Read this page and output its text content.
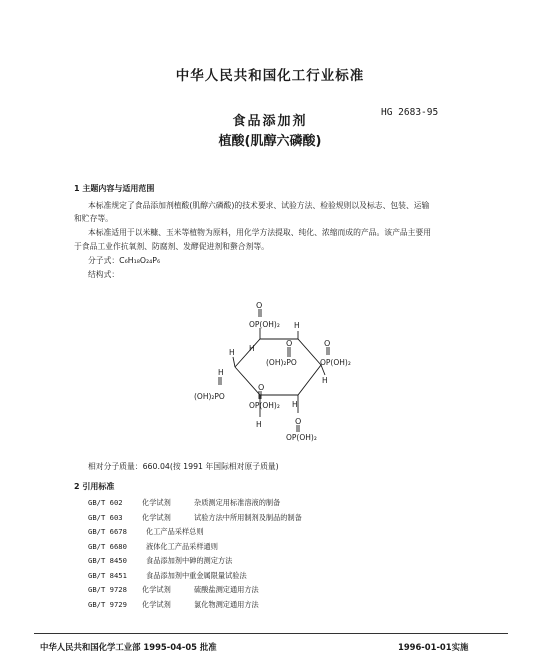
中华人民共和国化工行业标准
食品添加剂
植酸(肌醇六磷酸)
HG 2683-95
1 主题内容与适用范围
本标准规定了食品添加剂植酸(肌醇六磷酸)的技术要求、试验方法、检验规则以及标志、包装、运输
和贮存等。
本标准适用于以米糠、玉米等植物为原料，用化学方法提取、纯化、浓缩而成的产品。该产品主要用
于食品工业作抗氧剂、防腐剂、发酵促进剂和螯合剂等。
分子式：C₆H₁₈O₂₄P₆
结构式：
O
OP(OH)₂ H
H
O
(OH)₂PO
O
OP(OH)₂
H
H
(OH)₂PO
H
O
OP(OH)₂ H
H	O
OP(OH)₂
相对分子质量：660.04(按 1991 年国际相对原子质量)
2 引用标准
GB/T 602	化学试剂	杂质测定用标准溶液的制备
GB/T 603	化学试剂	试验方法中所用制剂及制品的制备
GB/T 6678	化工产品采样总则
GB/T 6680	液体化工产品采样通则
GB/T 8450	食品添加剂中砷的测定方法
GB/T 8451	食品添加剂中重金属限量试验法
GB/T 9728 化学试剂	硫酸盐测定通用方法
GB/T 9729 化学试剂	氯化物测定通用方法
中华人民共和国化学工业部 1995-04-05 批准	1996-01-01实施
